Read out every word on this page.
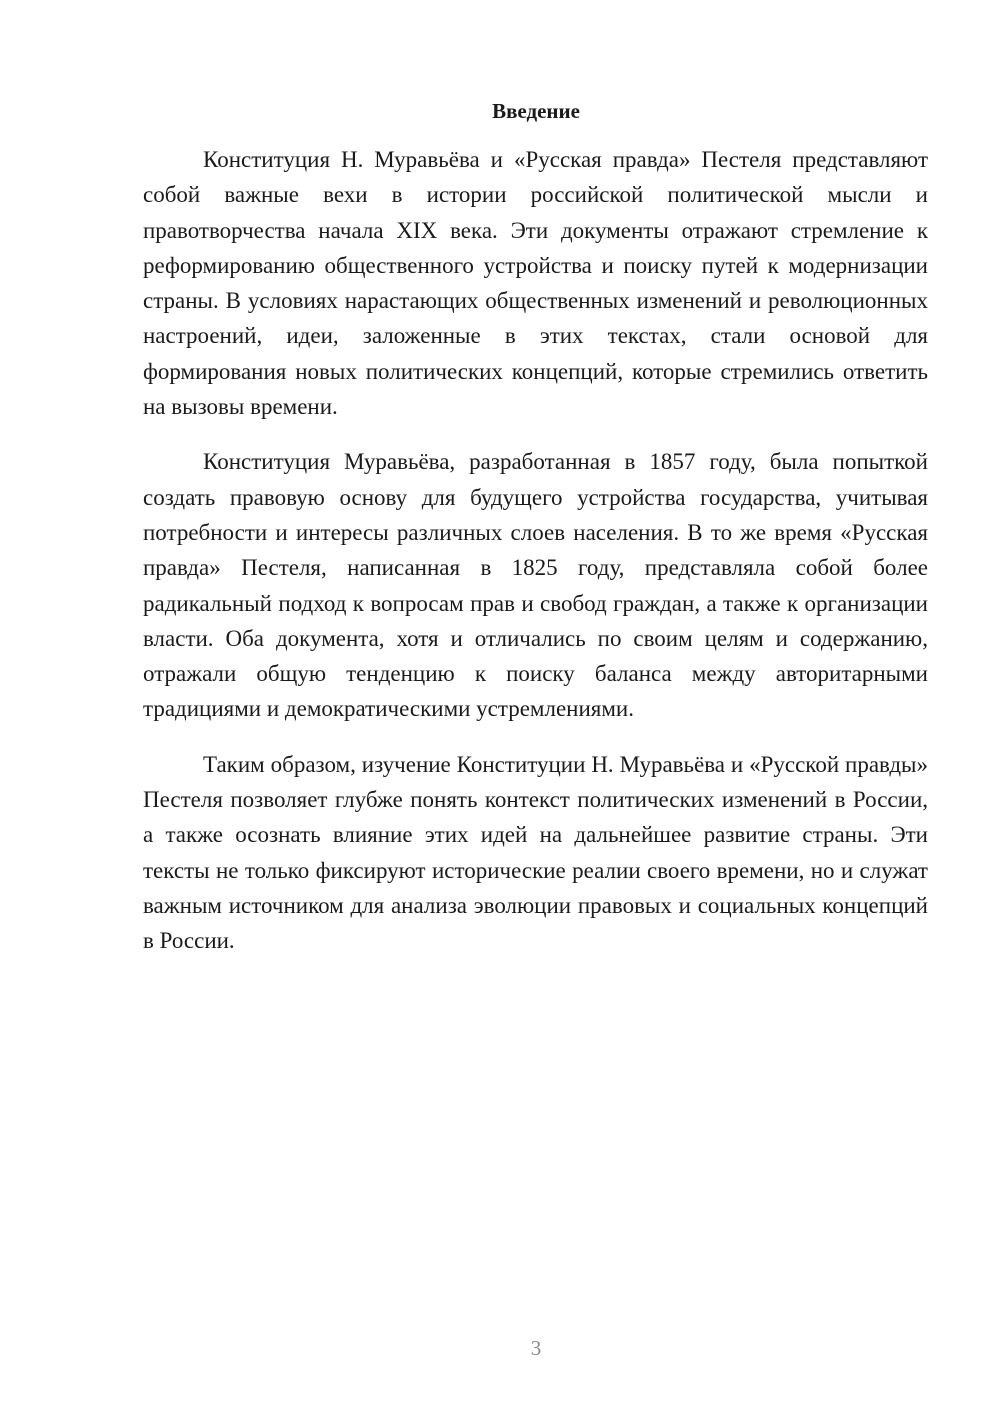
Введение

Конституция Н. Муравьёва и «Русская правда» Пестеля представляют собой важные вехи в истории российской политической мысли и правотворчества начала XIX века. Эти документы отражают стремление к реформированию общественного устройства и поиску путей к модернизации страны. В условиях нарастающих общественных изменений и революционных настроений, идеи, заложенные в этих текстах, стали основой для формирования новых политических концепций, которые стремились ответить на вызовы времени.

Конституция Муравьёва, разработанная в 1857 году, была попыткой создать правовую основу для будущего устройства государства, учитывая потребности и интересы различных слоев населения. В то же время «Русская правда» Пестеля, написанная в 1825 году, представляла собой более радикальный подход к вопросам прав и свобод граждан, а также к организации власти. Оба документа, хотя и отличались по своим целям и содержанию, отражали общую тенденцию к поиску баланса между авторитарными традициями и демократическими устремлениями.

Таким образом, изучение Конституции Н. Муравьёва и «Русской правды» Пестеля позволяет глубже понять контекст политических изменений в России, а также осознать влияние этих идей на дальнейшее развитие страны. Эти тексты не только фиксируют исторические реалии своего времени, но и служат важным источником для анализа эволюции правовых и социальных концепций в России.

3
